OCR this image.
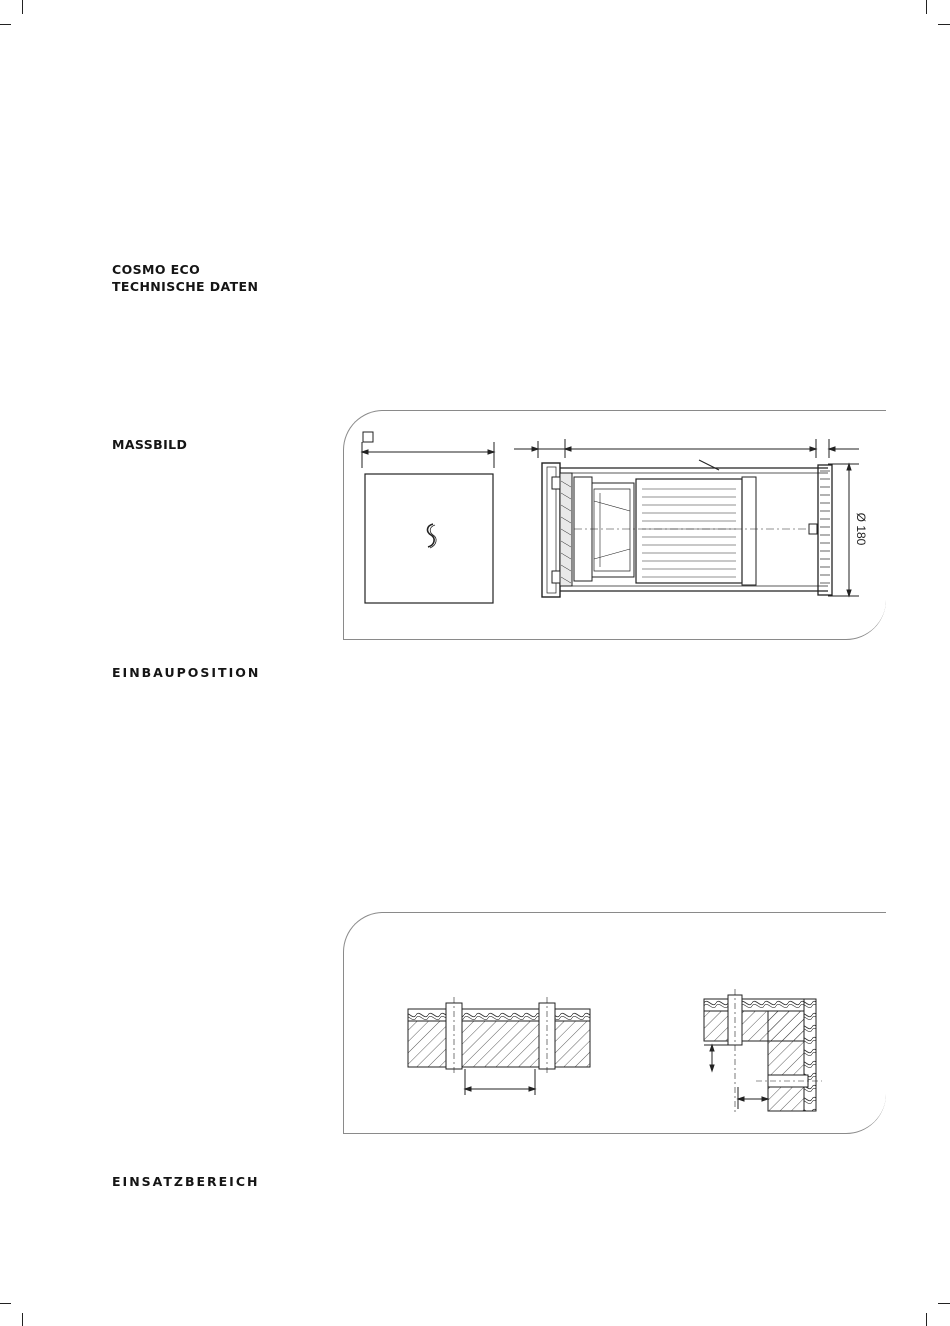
COSMO ECO
TECHNISCHE DATEN
MASSBILD
Ø 180
EINBAUPOSITION
EINSATZBEREICH
